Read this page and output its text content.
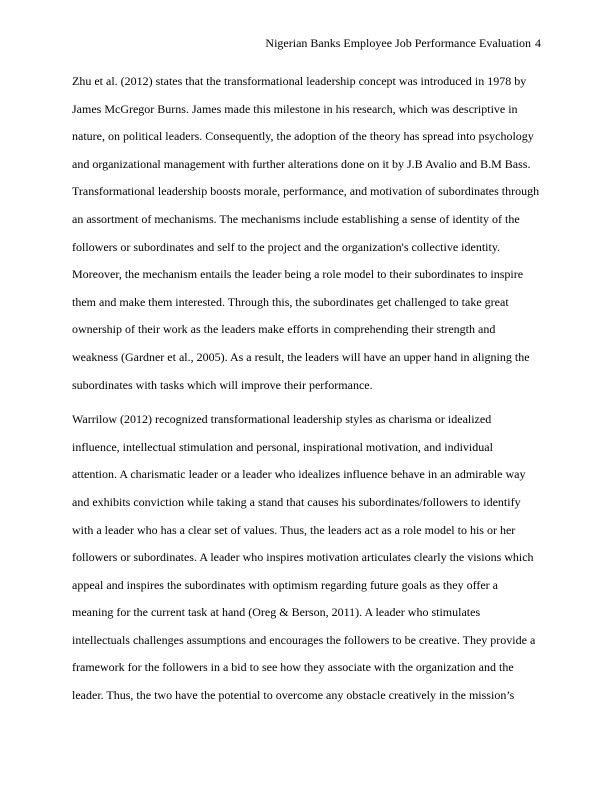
Nigerian Banks Employee Job Performance Evaluation 4
Zhu et al. (2012) states that the transformational leadership concept was introduced in 1978 by
James McGregor Burns. James made this milestone in his research, which was descriptive in
nature, on political leaders. Consequently, the adoption of the theory has spread into psychology
and organizational management with further alterations done on it by J.B Avalio and B.M Bass.
Transformational leadership boosts morale, performance, and motivation of subordinates through
an assortment of mechanisms. The mechanisms include establishing a sense of identity of the
followers or subordinates and self to the project and the organization's collective identity.
Moreover, the mechanism entails the leader being a role model to their subordinates to inspire
them and make them interested. Through this, the subordinates get challenged to take great
ownership of their work as the leaders make efforts in comprehending their strength and
weakness (Gardner et al., 2005). As a result, the leaders will have an upper hand in aligning the
subordinates with tasks which will improve their performance.
Warrilow (2012) recognized transformational leadership styles as charisma or idealized
influence, intellectual stimulation and personal, inspirational motivation, and individual
attention. A charismatic leader or a leader who idealizes influence behave in an admirable way
and exhibits conviction while taking a stand that causes his subordinates/followers to identify
with a leader who has a clear set of values. Thus, the leaders act as a role model to his or her
followers or subordinates. A leader who inspires motivation articulates clearly the visions which
appeal and inspires the subordinates with optimism regarding future goals as they offer a
meaning for the current task at hand (Oreg & Berson, 2011). A leader who stimulates
intellectuals challenges assumptions and encourages the followers to be creative. They provide a
framework for the followers in a bid to see how they associate with the organization and the
leader. Thus, the two have the potential to overcome any obstacle creatively in the mission’s
